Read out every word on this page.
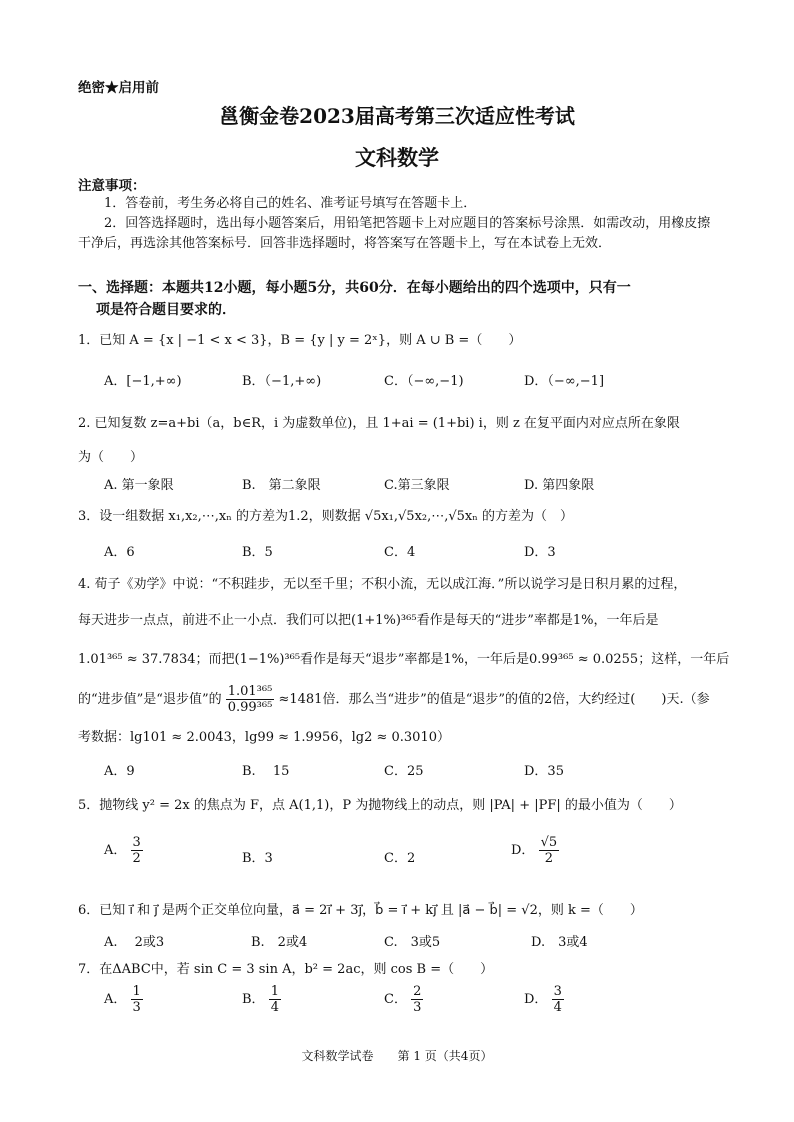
绝密★启用前
邕衡金卷2023届高考第三次适应性考试
文科数学
注意事项：
1．答卷前，考生务必将自己的姓名、准考证号填写在答题卡上．
2．回答选择题时，选出每小题答案后，用铅笔把答题卡上对应题目的答案标号涂黑．如需改动，用橡皮擦干净后，再选涂其他答案标号．回答非选择题时，将答案写在答题卡上，写在本试卷上无效．
一、选择题：本题共12小题，每小题5分，共60分．在每小题给出的四个选项中，只有一
项是符合题目要求的．
1．已知 A = {x | −1 < x < 3}，B = {y | y = 2ˣ}，则 A ∪ B =（　　）
A．[−1,+∞)	B．（−1,+∞)	C．（−∞,−1)	D．（−∞,−1]
2. 已知复数 z=a+bi（a，b∈R，i 为虚数单位)，且 1+ai = (1+bi) i，则 z 在复平面内对应点所在象限
为（　　）
A. 第一象限	B.　第二象限	C.第三象限	D. 第四象限
3．设一组数据 x₁,x₂,⋯,xₙ 的方差为1.2，则数据 √5x₁,√5x₂,⋯,√5xₙ 的方差为（　）
A．6	B．5	C．4	D．3
4. 荀子《劝学》中说：“不积跬步，无以至千里；不积小流，无以成江海．”所以说学习是日积月累的过程，
每天进步一点点，前进不止一小点．我们可以把(1+1%)³⁶⁵看作是每天的“进步”率都是1%，一年后是
1.01³⁶⁵ ≈ 37.7834；而把(1−1%)³⁶⁵看作是每天“退步”率都是1%，一年后是0.99³⁶⁵ ≈ 0.0255；这样，一年后
的“进步值”是“退步值”的 $\frac{\text{1.01³⁶⁵}}{\text{0.99³⁶⁵}} \approx 1481$倍．那么当“进步”的值是“退步”的值的2倍，大约经过(　　)天.（参
考数据：lg101 ≈ 2.0043，lg99 ≈ 1.9956，lg2 ≈ 0.3010）
A．9	B.　 15	C．25	D．35
5．抛物线 y² = 2x 的焦点为 F，点 A(1,1)，P 为抛物线上的动点，则 |PA| + |PF| 的最小值为（　　）
A． $\frac{3}{2}$	B．3	C．2
D． $\frac{√5}{2}$
6．已知 i⃗ 和 j⃗ 是两个正交单位向量，a⃗ = 2i⃗ + 3j⃗，b⃗ = i⃗ + kj⃗ 且 |a⃗ − b⃗| = √2，则 k =（　　）
A.　 2或3	B.　2或4	C.　3或5	D.　3或4
7．在ΔABC中，若 sin C = 3 sin A，b² = 2ac，则 cos B =（　　）
A． $\frac{1}{3}$	B． $\frac{1}{4}$	C． $\frac{2}{3}$	D． $\frac{3}{4}$
文科数学试卷　　第 1 页（共4页）
